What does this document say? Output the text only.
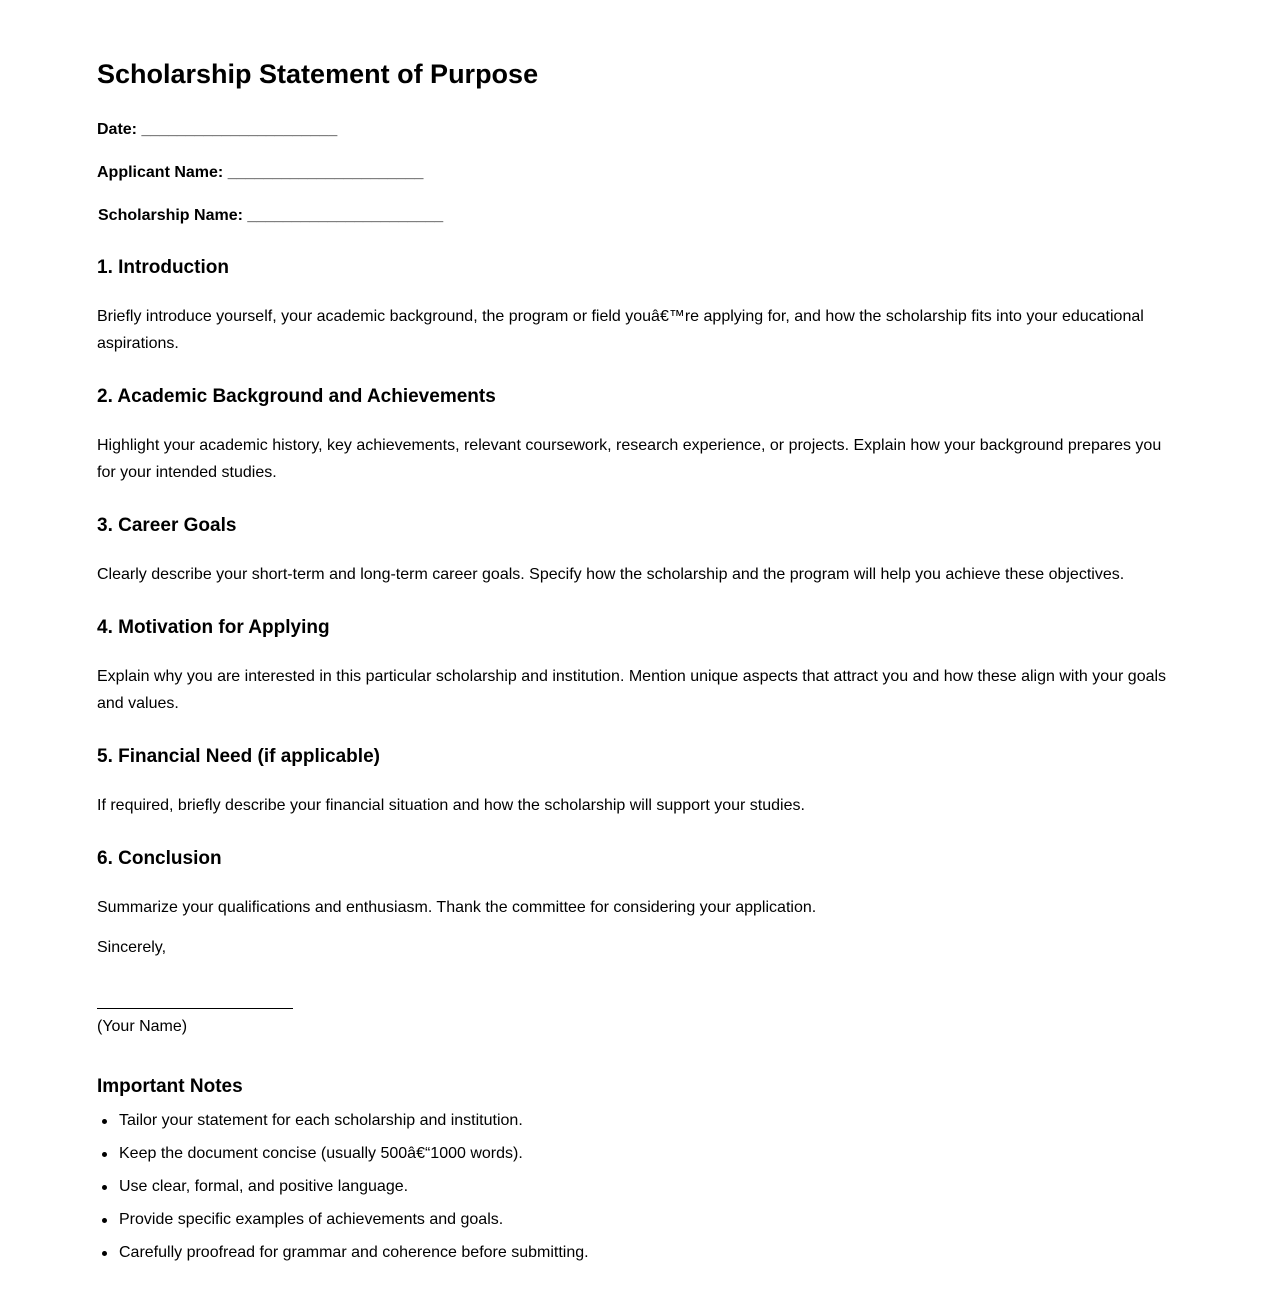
Scholarship Statement of Purpose

Date: ______________________

Applicant Name: ______________________

Scholarship Name: ______________________

1. Introduction

Briefly introduce yourself, your academic background, the program or field youâ€™re applying for, and how the scholarship fits into your educational aspirations.

2. Academic Background and Achievements

Highlight your academic history, key achievements, relevant coursework, research experience, or projects. Explain how your background prepares you for your intended studies.

3. Career Goals

Clearly describe your short-term and long-term career goals. Specify how the scholarship and the program will help you achieve these objectives.

4. Motivation for Applying

Explain why you are interested in this particular scholarship and institution. Mention unique aspects that attract you and how these align with your goals and values.

5. Financial Need (if applicable)

If required, briefly describe your financial situation and how the scholarship will support your studies.

6. Conclusion

Summarize your qualifications and enthusiasm. Thank the committee for considering your application.

Sincerely,

(Your Name)

Important Notes
Tailor your statement for each scholarship and institution.
Keep the document concise (usually 500â€“1000 words).
Use clear, formal, and positive language.
Provide specific examples of achievements and goals.
Carefully proofread for grammar and coherence before submitting.
